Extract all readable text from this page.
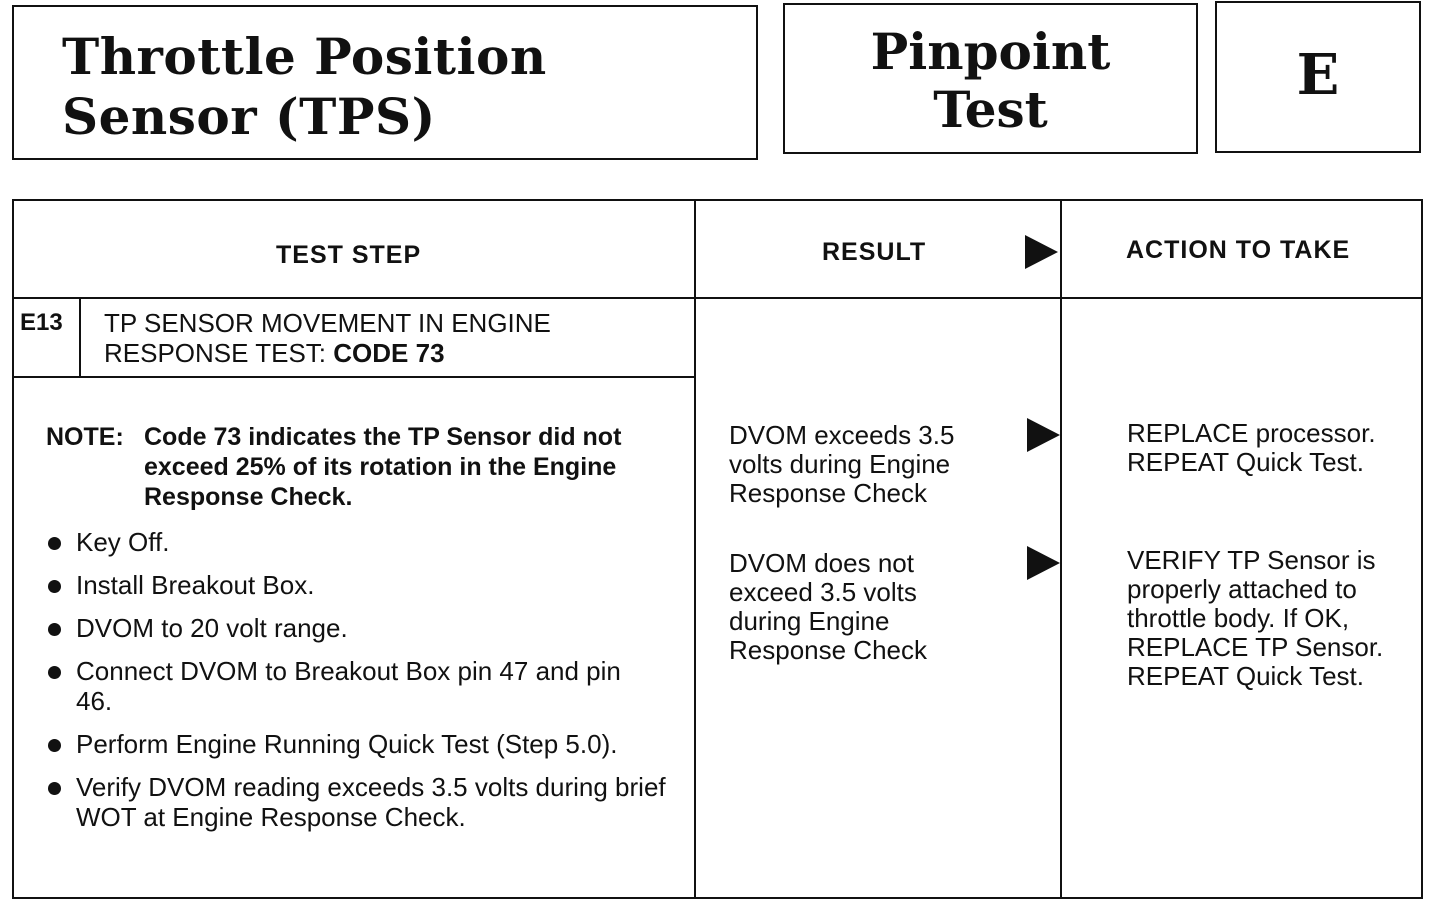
Throttle Position
Sensor (TPS)
Pinpoint
Test
E
TEST STEP	RESULT	ACTION TO TAKE
E13 TP SENSOR MOVEMENT IN ENGINE
RESPONSE TEST: CODE 73
NOTE: Code 73 indicates the TP Sensor did not exceed 25% of its rotation in the Engine Response Check.
Key Off.
Install Breakout Box.
DVOM to 20 volt range.
Connect DVOM to Breakout Box pin 47 and pin 46.
Perform Engine Running Quick Test (Step 5.0).
Verify DVOM reading exceeds 3.5 volts during brief WOT at Engine Response Check.

DVOM exceeds 3.5
volts during Engine
Response Check

REPLACE processor.
REPEAT Quick Test.

DVOM does not
exceed 3.5 volts
during Engine
Response Check

VERIFY TP Sensor is
properly attached to
throttle body. If OK,
REPLACE TP Sensor.
REPEAT Quick Test.
